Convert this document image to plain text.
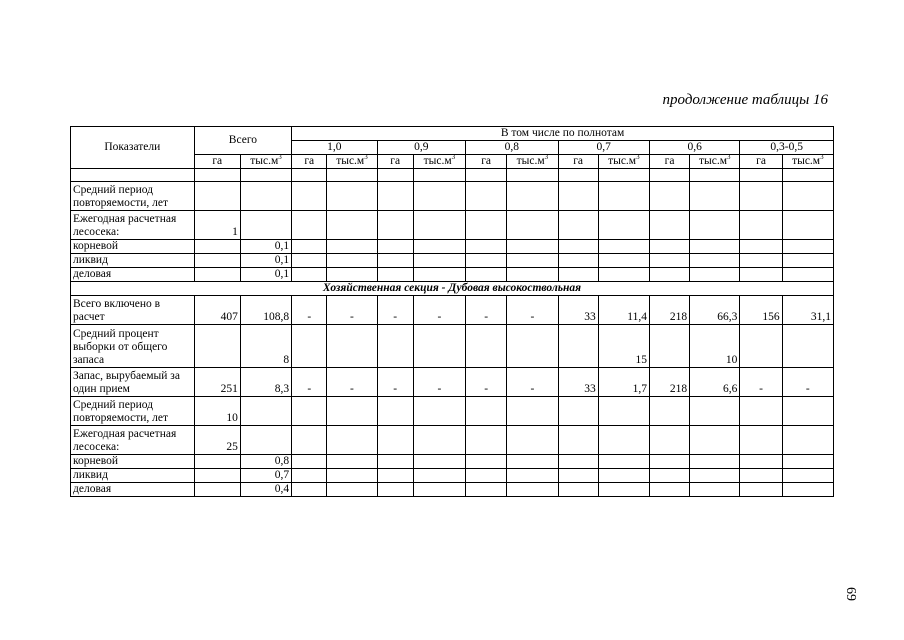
продолжение таблицы 16
Показатели	Всего		В том числе по полнотам											
			1,0		0,9		0,8		0,7		0,6		0,3-0,5	
	га	$тыс.м^3$	га	$тыс.м^3$	га	$тыс.м^3$	га	$тыс.м^3$	га	$тыс.м^3$	га	$тыс.м^3$	га	$тыс.м^3$

Средний период повторяемости, лет														
Ежегодная расчетная лесосека:	1													
корневой		0,1												
ликвид		0,1												
деловая		0,1												
Хозяйственная секция - Дубовая высокоствольная														
Всего включено в расчет	407	108,8	-	-	-	-	-	-	33	11,4	218	66,3	156	31,1
Средний процент выборки от общего запаса		8								15		10		
Запас, вырубаемый за один прием	251	8,3	-	-	-	-	-	-	33	1,7	218	6,6	-	-
Средний период повторяемости, лет	10													
Ежегодная расчетная лесосека:	25													
корневой		0,8												
ликвид		0,7												
деловая		0,4												
69
